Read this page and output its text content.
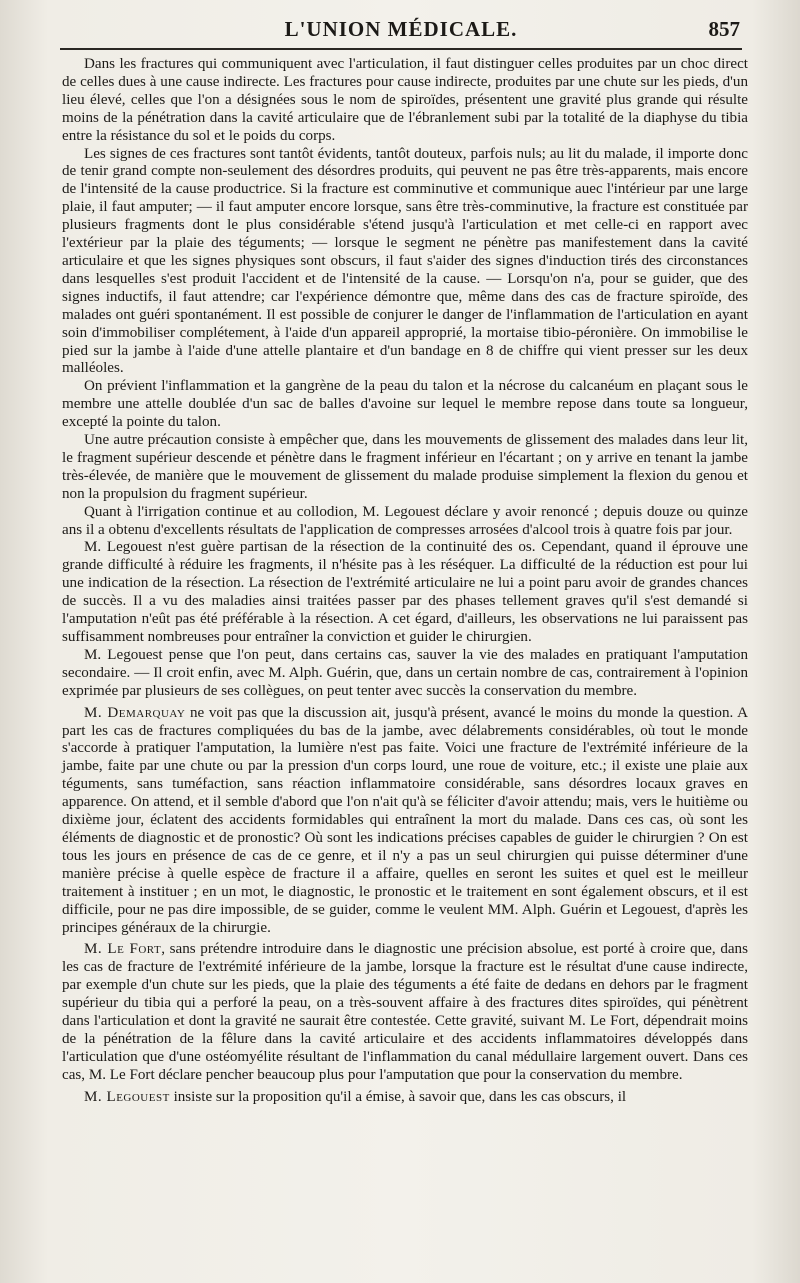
L'UNION MÉDICALE.	857

Dans les fractures qui communiquent avec l'articulation, il faut distinguer celles produites par un choc direct de celles dues à une cause indirecte. Les fractures pour cause indirecte, produites par une chute sur les pieds, d'un lieu élevé, celles que l'on a désignées sous le nom de spiroïdes, présentent une gravité plus grande qui résulte moins de la pénétration dans la cavité articulaire que de l'ébranlement subi par la totalité de la diaphyse du tibia entre la résistance du sol et le poids du corps.

Les signes de ces fractures sont tantôt évidents, tantôt douteux, parfois nuls; au lit du malade, il importe donc de tenir grand compte non-seulement des désordres produits, qui peuvent ne pas être très-apparents, mais encore de l'intensité de la cause productrice. Si la fracture est comminutive et communique auec l'intérieur par une large plaie, il faut amputer; — il faut amputer encore lorsque, sans être très-comminutive, la fracture est constituée par plusieurs fragments dont le plus considérable s'étend jusqu'à l'articulation et met celle-ci en rapport avec l'extérieur par la plaie des téguments; — lorsque le segment ne pénètre pas manifestement dans la cavité articulaire et que les signes physiques sont obscurs, il faut s'aider des signes d'induction tirés des circonstances dans lesquelles s'est produit l'accident et de l'intensité de la cause. — Lorsqu'on n'a, pour se guider, que des signes inductifs, il faut attendre; car l'expérience démontre que, même dans des cas de fracture spiroïde, des malades ont guéri spontanément. Il est possible de conjurer le danger de l'inflammation de l'articulation en ayant soin d'immobiliser complétement, à l'aide d'un appareil approprié, la mortaise tibio-péronière. On immobilise le pied sur la jambe à l'aide d'une attelle plantaire et d'un bandage en 8 de chiffre qui vient presser sur les deux malléoles.

On prévient l'inflammation et la gangrène de la peau du talon et la nécrose du calcanéum en plaçant sous le membre une attelle doublée d'un sac de balles d'avoine sur lequel le membre repose dans toute sa longueur, excepté la pointe du talon.

Une autre précaution consiste à empêcher que, dans les mouvements de glissement des malades dans leur lit, le fragment supérieur descende et pénètre dans le fragment inférieur en l'écartant ; on y arrive en tenant la jambe très-élevée, de manière que le mouvement de glissement du malade produise simplement la flexion du genou et non la propulsion du fragment supérieur.

Quant à l'irrigation continue et au collodion, M. Legouest déclare y avoir renoncé ; depuis douze ou quinze ans il a obtenu d'excellents résultats de l'application de compresses arrosées d'alcool trois à quatre fois par jour.

M. Legouest n'est guère partisan de la résection de la continuité des os. Cependant, quand il éprouve une grande difficulté à réduire les fragments, il n'hésite pas à les réséquer. La difficulté de la réduction est pour lui une indication de la résection. La résection de l'extrémité articulaire ne lui a point paru avoir de grandes chances de succès. Il a vu des maladies ainsi traitées passer par des phases tellement graves qu'il s'est demandé si l'amputation n'eût pas été préférable à la résection. A cet égard, d'ailleurs, les observations ne lui paraissent pas suffisamment nombreuses pour entraîner la conviction et guider le chirurgien.

M. Legouest pense que l'on peut, dans certains cas, sauver la vie des malades en pratiquant l'amputation secondaire. — Il croit enfin, avec M. Alph. Guérin, que, dans un certain nombre de cas, contrairement à l'opinion exprimée par plusieurs de ses collègues, on peut tenter avec succès la conservation du membre.

M. Demarquay ne voit pas que la discussion ait, jusqu'à présent, avancé le moins du monde la question. A part les cas de fractures compliquées du bas de la jambe, avec délabrements considérables, où tout le monde s'accorde à pratiquer l'amputation, la lumière n'est pas faite. Voici une fracture de l'extrémité inférieure de la jambe, faite par une chute ou par la pression d'un corps lourd, une roue de voiture, etc.; il existe une plaie aux téguments, sans tuméfaction, sans réaction inflammatoire considérable, sans désordres locaux graves en apparence. On attend, et il semble d'abord que l'on n'ait qu'à se féliciter d'avoir attendu; mais, vers le huitième ou dixième jour, éclatent des accidents formidables qui entraînent la mort du malade. Dans ces cas, où sont les éléments de diagnostic et de pronostic? Où sont les indications précises capables de guider le chirurgien ? On est tous les jours en présence de cas de ce genre, et il n'y a pas un seul chirurgien qui puisse déterminer d'une manière précise à quelle espèce de fracture il a affaire, quelles en seront les suites et quel est le meilleur traitement à instituer ; en un mot, le diagnostic, le pronostic et le traitement en sont également obscurs, et il est difficile, pour ne pas dire impossible, de se guider, comme le veulent MM. Alph. Guérin et Legouest, d'après les principes généraux de la chirurgie.

M. Le Fort, sans prétendre introduire dans le diagnostic une précision absolue, est porté à croire que, dans les cas de fracture de l'extrémité inférieure de la jambe, lorsque la fracture est le résultat d'une cause indirecte, par exemple d'un chute sur les pieds, que la plaie des téguments a été faite de dedans en dehors par le fragment supérieur du tibia qui a perforé la peau, on a très-souvent affaire à des fractures dites spiroïdes, qui pénètrent dans l'articulation et dont la gravité ne saurait être contestée. Cette gravité, suivant M. Le Fort, dépendrait moins de la pénétration de la fêlure dans la cavité articulaire et des accidents inflammatoires développés dans l'articulation que d'une ostéomyélite résultant de l'inflammation du canal médullaire largement ouvert. Dans ces cas, M. Le Fort déclare pencher beaucoup plus pour l'amputation que pour la conservation du membre.

M. Legouest insiste sur la proposition qu'il a émise, à savoir que, dans les cas obscurs, il
